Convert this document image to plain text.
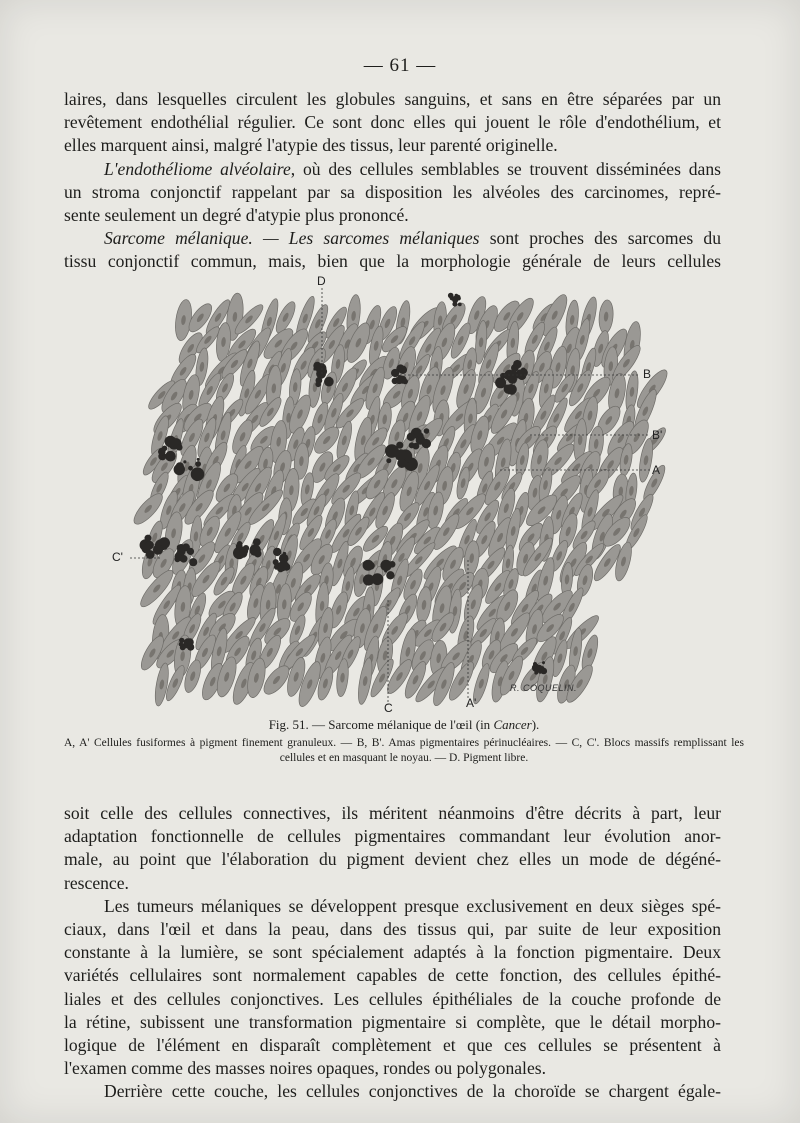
— 61 —

laires, dans lesquelles circulent les globules sanguins, et sans en être séparées par un
revêtement endothélial régulier. Ce sont donc elles qui jouent le rôle d'endothélium, et
elles marquent ainsi, malgré l'atypie des tissus, leur parenté originelle.

L'endothéliome alvéolaire, où des cellules semblables se trouvent disséminées dans
un stroma conjonctif rappelant par sa disposition les alvéoles des carcinomes, repré-
sente seulement un degré d'atypie plus prononcé.

Sarcome mélanique. — Les sarcomes mélaniques sont proches des sarcomes du
tissu conjonctif commun, mais, bien que la morphologie générale de leurs cellules

D
B
B'
A
C'
C	A'
R. COQUELIN.
Fig. 51. — Sarcome mélanique de l'œil (in Cancer).
A, A' Cellules fusiformes à pigment finement granuleux. — B, B'. Amas pigmentaires périnucléaires. — C, C'. Blocs massifs remplissant les cellules et en masquant le noyau. — D. Pigment libre.

soit celle des cellules connectives, ils méritent néanmoins d'être décrits à part, leur
adaptation fonctionnelle de cellules pigmentaires commandant leur évolution anor-
male, au point que l'élaboration du pigment devient chez elles un mode de dégéné-
rescence.

Les tumeurs mélaniques se développent presque exclusivement en deux sièges spé-
ciaux, dans l'œil et dans la peau, dans des tissus qui, par suite de leur exposition
constante à la lumière, se sont spécialement adaptés à la fonction pigmentaire. Deux
variétés cellulaires sont normalement capables de cette fonction, des cellules épithé-
liales et des cellules conjonctives. Les cellules épithéliales de la couche profonde de
la rétine, subissent une transformation pigmentaire si complète, que le détail morpho-
logique de l'élément en disparaît complètement et que ces cellules se présentent à
l'examen comme des masses noires opaques, rondes ou polygonales.

Derrière cette couche, les cellules conjonctives de la choroïde se chargent égale-
